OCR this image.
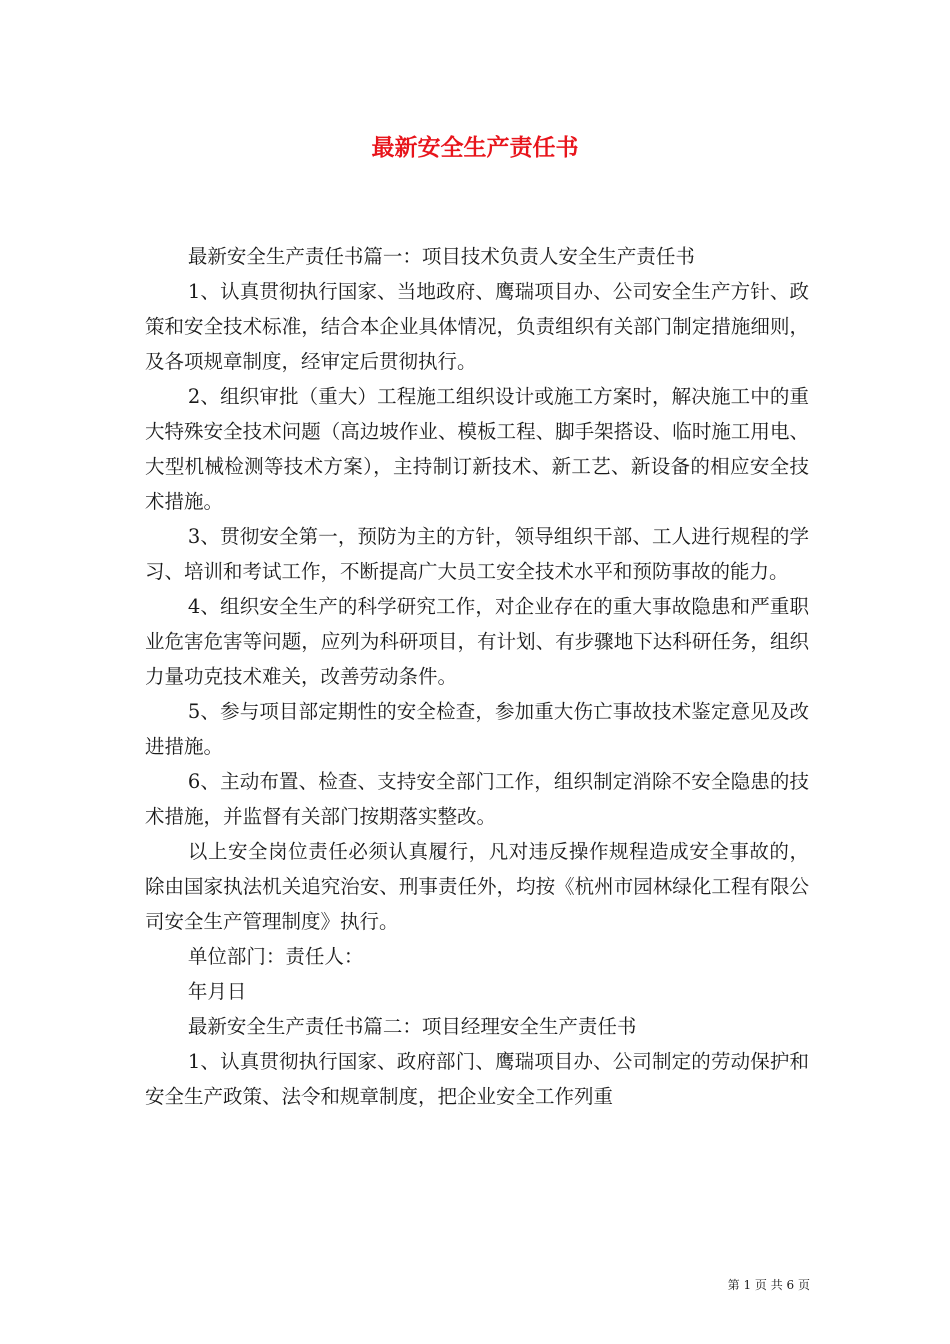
最新安全生产责任书

最新安全生产责任书篇一：项目技术负责人安全生产责任书

1、认真贯彻执行国家、当地政府、鹰瑞项目办、公司安全生产方针、政策和安全技术标准，结合本企业具体情况，负责组织有关部门制定措施细则，及各项规章制度，经审定后贯彻执行。

2、组织审批（重大）工程施工组织设计或施工方案时，解决施工中的重大特殊安全技术问题（高边坡作业、模板工程、脚手架搭设、临时施工用电、大型机械检测等技术方案），主持制订新技术、新工艺、新设备的相应安全技术措施。

3、贯彻安全第一，预防为主的方针，领导组织干部、工人进行规程的学习、培训和考试工作，不断提高广大员工安全技术水平和预防事故的能力。

4、组织安全生产的科学研究工作，对企业存在的重大事故隐患和严重职业危害危害等问题，应列为科研项目，有计划、有步骤地下达科研任务，组织力量功克技术难关，改善劳动条件。

5、参与项目部定期性的安全检查，参加重大伤亡事故技术鉴定意见及改进措施。

6、主动布置、检查、支持安全部门工作，组织制定消除不安全隐患的技术措施，并监督有关部门按期落实整改。

以上安全岗位责任必须认真履行，凡对违反操作规程造成安全事故的，除由国家执法机关追究治安、刑事责任外，均按《杭州市园林绿化工程有限公司安全生产管理制度》执行。

单位部门：责任人：

年月日

最新安全生产责任书篇二：项目经理安全生产责任书

1、认真贯彻执行国家、政府部门、鹰瑞项目办、公司制定的劳动保护和安全生产政策、法令和规章制度，把企业安全工作列重

第 1 页 共 6 页
